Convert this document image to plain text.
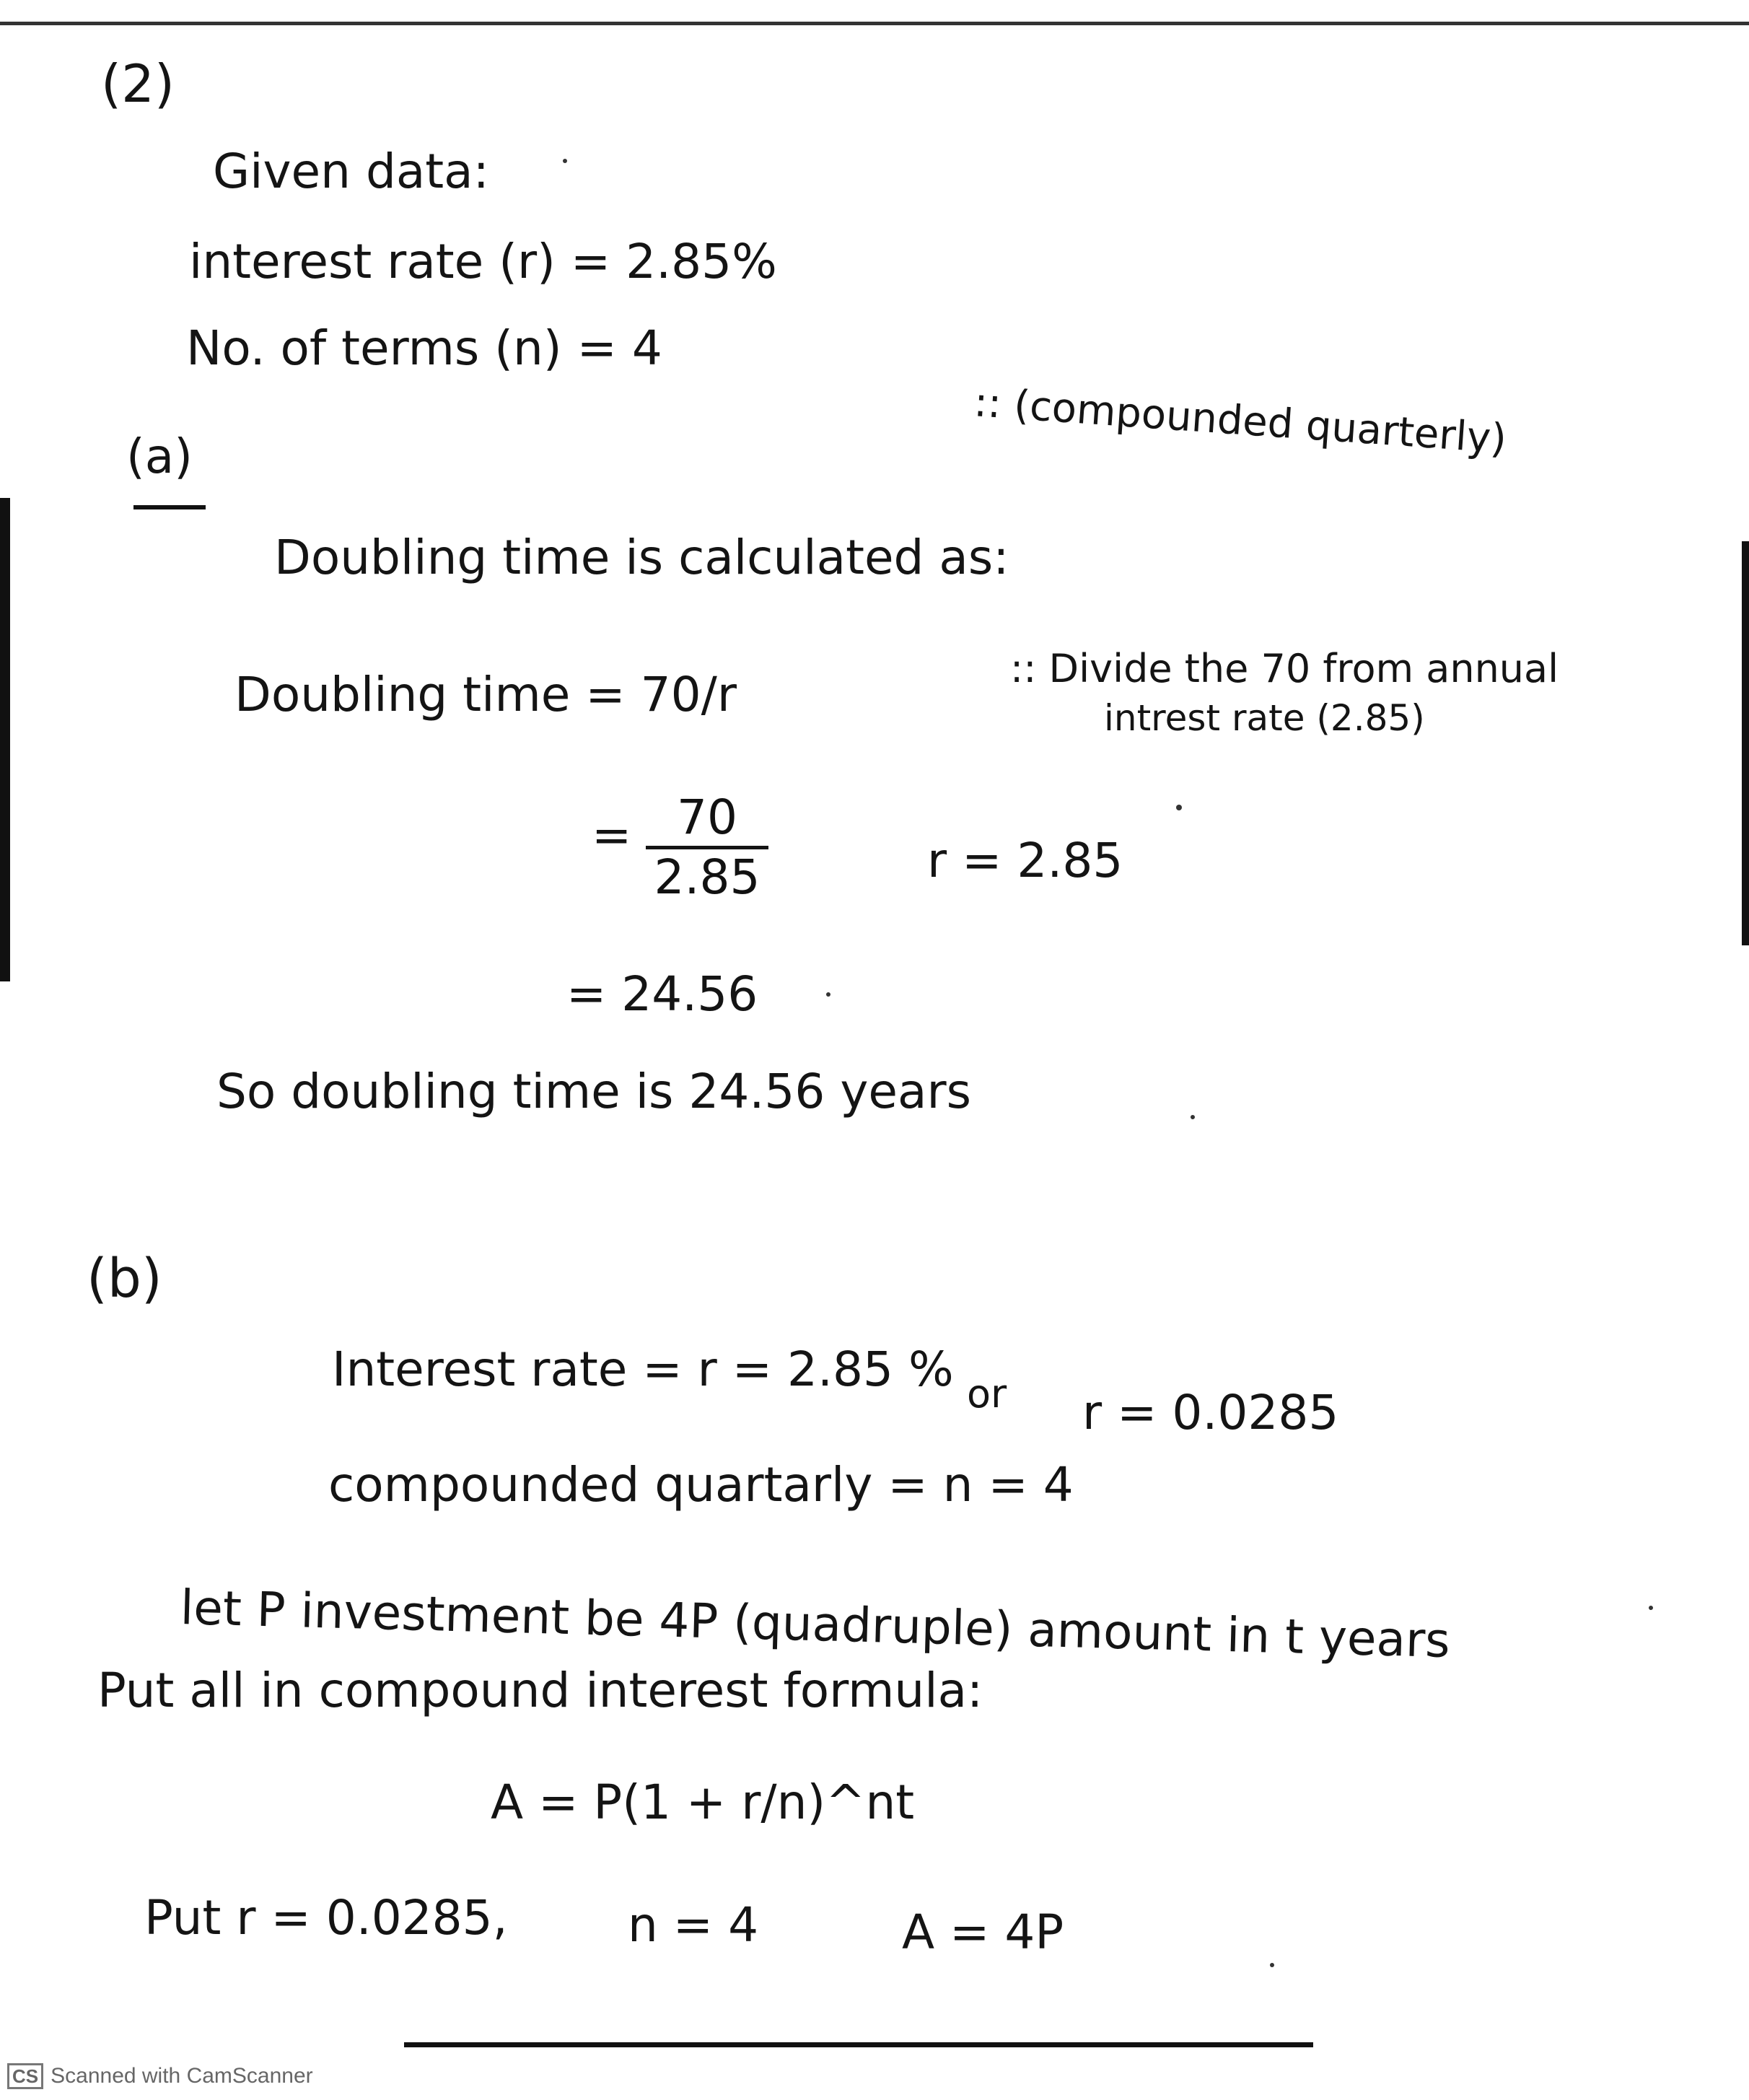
(2)
Given data:
interest rate (r) = 2.85%
No. of terms (n) = 4
:: (compounded quarterly)
(a)
Doubling time is calculated as:
Doubling time = 70/r	:: Divide the 70 from annual
intrest rate (2.85)
= 70
2.85	r = 2.85
= 24.56
So doubling time is 24.56 years
(b)
Interest rate = r = 2.85 % or r = 0.0285
compounded quartarly = n = 4
let P investment be 4P (quadruple) amount in t years
Put all in compound interest formula:
A = P(1 + r/n)^nt
Put r = 0.0285,	n = 4	A = 4P
CS Scanned with CamScanner
